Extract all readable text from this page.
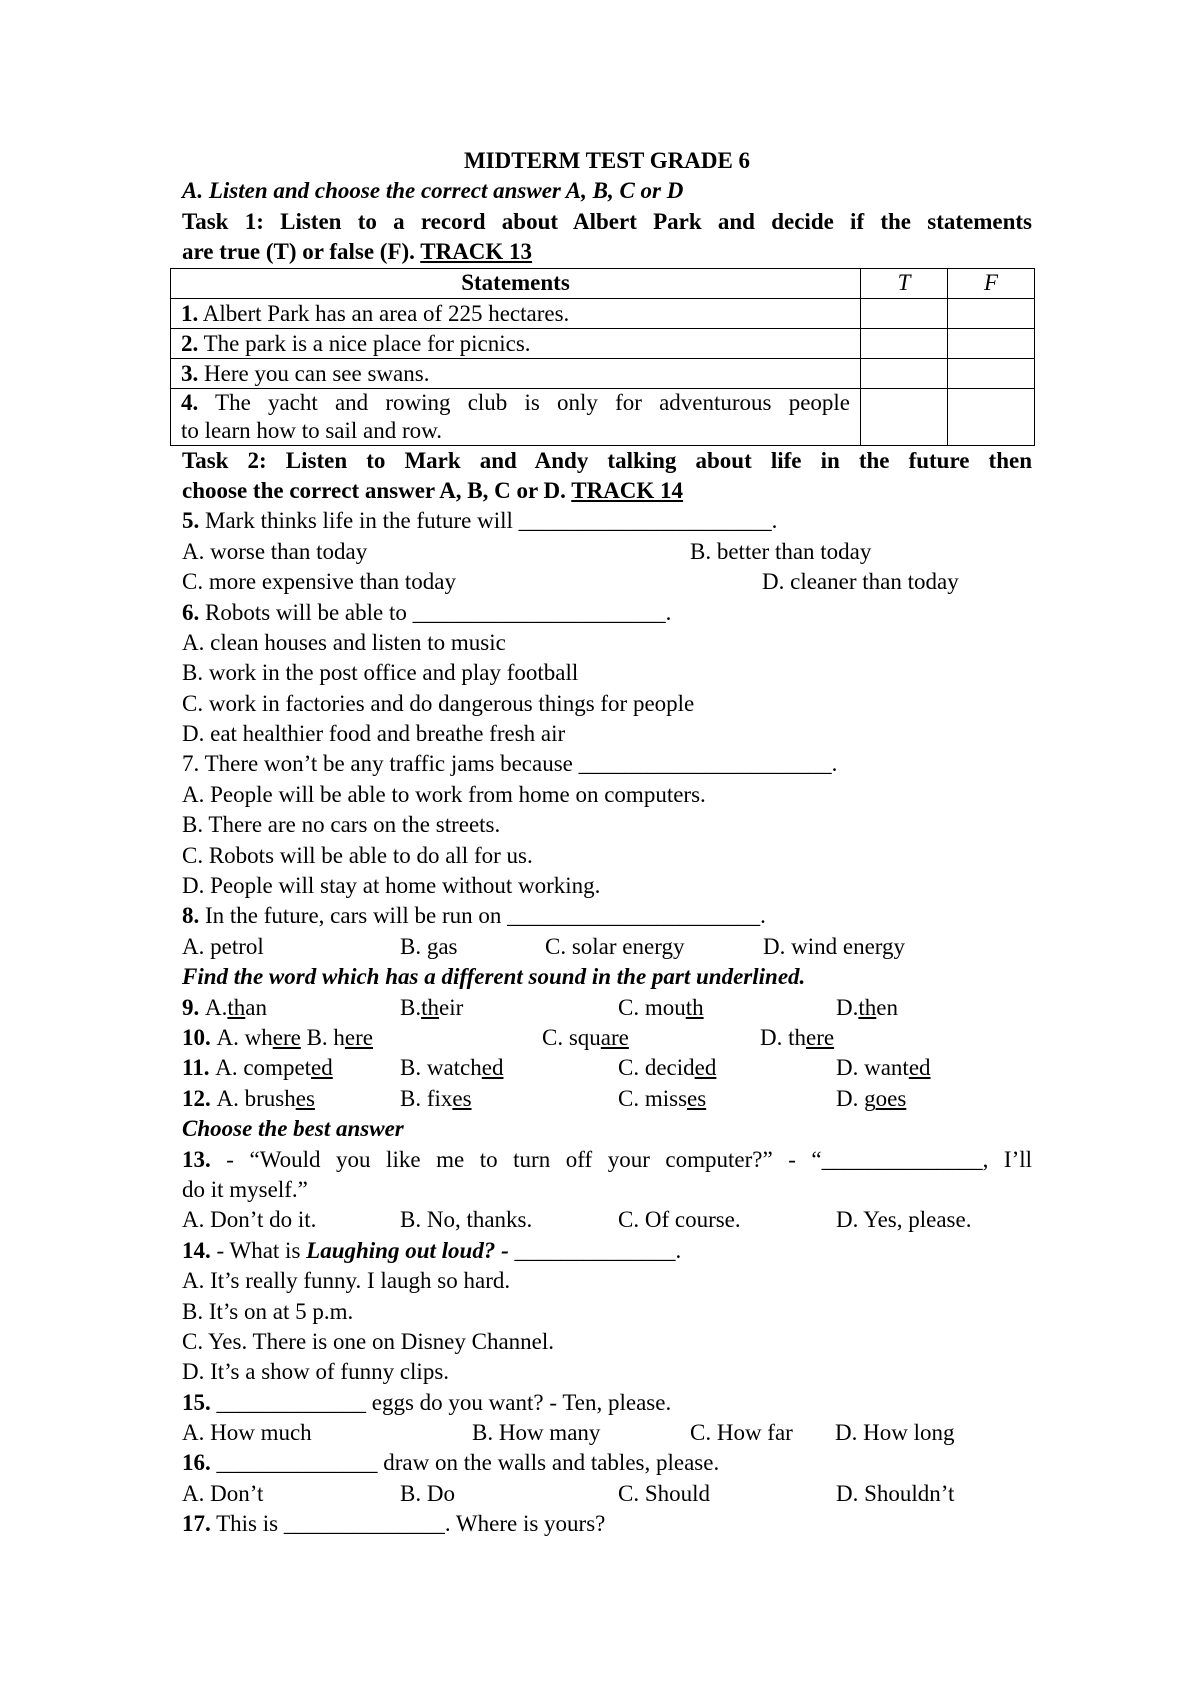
MIDTERM TEST GRADE 6
A. Listen and choose the correct answer A, B, C or D
Task 1: Listen to a record about Albert Park and decide if the statements
are true (T) or false (F). TRACK 13
Statements	T	F
1. Albert Park has an area of 225 hectares.		
2. The park is a nice place for picnics.		
3. Here you can see swans.		

4. The yacht and rowing club is only for adventurous people
to learn how to sail and row.		

Task 2: Listen to Mark and Andy talking about life in the future then
choose the correct answer A, B, C or D. TRACK 14
5. Mark thinks life in the future will ______________________.
A. worse than today	B. better than today
C. more expensive than today	D. cleaner than today
6. Robots will be able to ______________________.
A. clean houses and listen to music
B. work in the post office and play football
C. work in factories and do dangerous things for people
D. eat healthier food and breathe fresh air
7. There won’t be any traffic jams because ______________________.
A. People will be able to work from home on computers.
B. There are no cars on the streets.
C. Robots will be able to do all for us.
D. People will stay at home without working.
8. In the future, cars will be run on ______________________.
A. petrol	B. gas	C. solar energy	D. wind energy
Find the word which has a different sound in the part underlined.
9. A.than	B.their	C. mouth	D.then
10. A. where B. here	C. square	D. there
11. A. competed	B. watched	C. decided	D. wanted
12. A. brushes	B. fixes	C. misses	D. goes
Choose the best answer
13. - “Would you like me to turn off your computer?” - “______________, I’ll
do it myself.”
A. Don’t do it.	B. No, thanks.	C. Of course.	D. Yes, please.
14. - What is Laughing out loud? - ______________.
A. It’s really funny. I laugh so hard.
B. It’s on at 5 p.m.
C. Yes. There is one on Disney Channel.
D. It’s a show of funny clips.
15. _____________ eggs do you want? - Ten, please.
A. How much	B. How many	C. How far	D. How long
16. ______________ draw on the walls and tables, please.
A. Don’t	B. Do	C. Should	D. Shouldn’t
17. This is ______________. Where is yours?
